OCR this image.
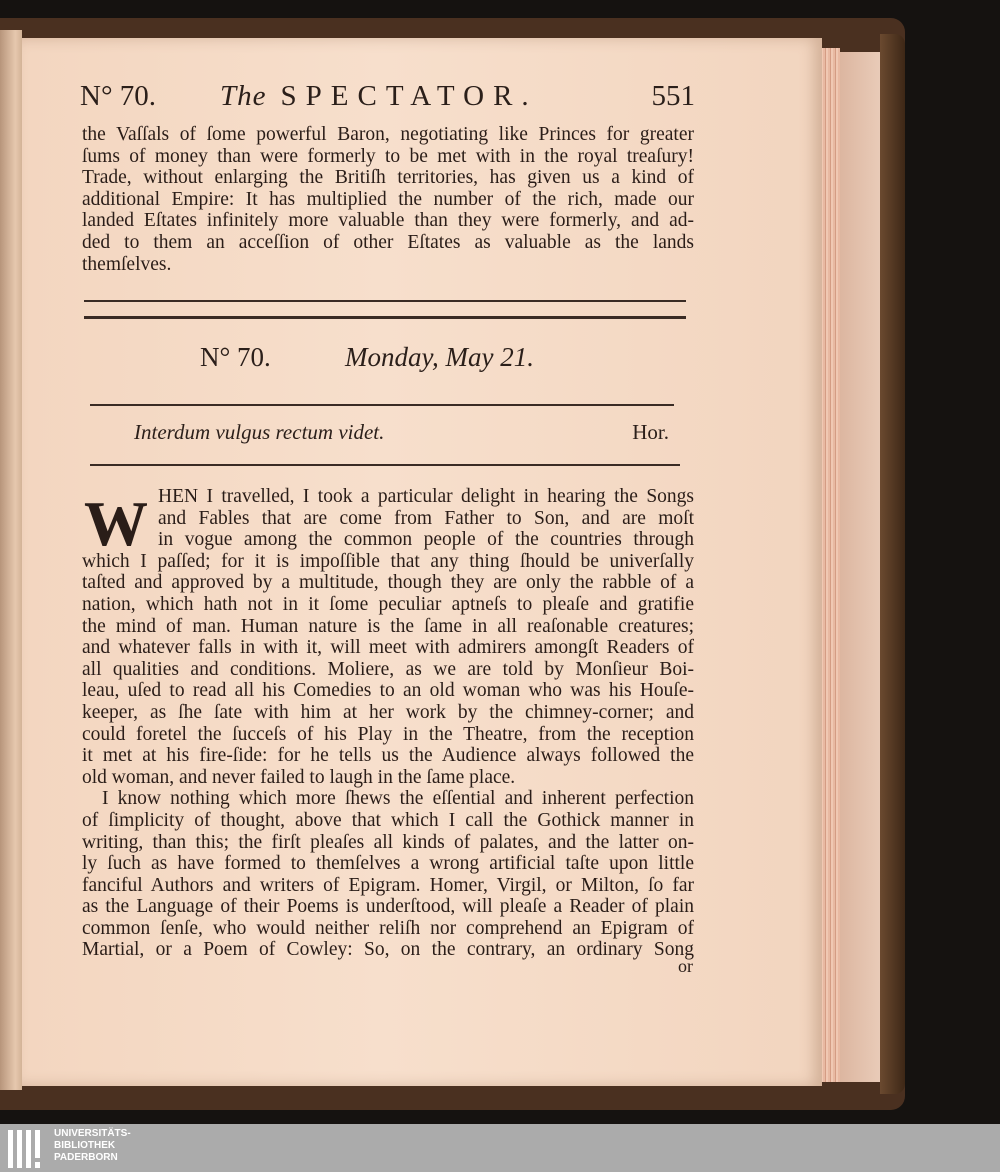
N° 70. The SPECTATOR.	551
the Vaſſals of ſome powerful Baron, negotiating like Princes for greater
ſums of money than were formerly to be met with in the royal treaſury!
Trade, without enlarging the Britiſh territories, has given us a kind of
additional Empire: It has multiplied the number of the rich, made our
landed Eſtates infinitely more valuable than they were formerly, and ad-
ded to them an acceſſion of other Eſtates as valuable as the lands
themſelves.
N° 70.	Monday, May 21.
Interdum vulgus rectum videt.	Hor.
W HEN I travelled, I took a particular delight in hearing the Songs
and Fables that are come from Father to Son, and are moſt
in vogue among the common people of the countries through
which I paſſed; for it is impoſſible that any thing ſhould be univerſally
taſted and approved by a multitude, though they are only the rabble of a
nation, which hath not in it ſome peculiar aptneſs to pleaſe and gratifie
the mind of man. Human nature is the ſame in all reaſonable creatures;
and whatever falls in with it, will meet with admirers amongſt Readers of
all qualities and conditions. Moliere, as we are told by Monſieur Boi-
leau, uſed to read all his Comedies to an old woman who was his Houſe-
keeper, as ſhe ſate with him at her work by the chimney-corner; and
could foretel the ſucceſs of his Play in the Theatre, from the reception
it met at his fire-ſide: for he tells us the Audience always followed the
old woman, and never failed to laugh in the ſame place.
I know nothing which more ſhews the eſſential and inherent perfection
of ſimplicity of thought, above that which I call the Gothick manner in
writing, than this; the firſt pleaſes all kinds of palates, and the latter on-
ly ſuch as have formed to themſelves a wrong artificial taſte upon little
fanciful Authors and writers of Epigram. Homer, Virgil, or Milton, ſo far
as the Language of their Poems is underſtood, will pleaſe a Reader of plain
common ſenſe, who would neither reliſh nor comprehend an Epigram of
Martial, or a Poem of Cowley: So, on the contrary, an ordinary Song
or
UNIVERSITÄTS-
BIBLIOTHEK
PADERBORN
